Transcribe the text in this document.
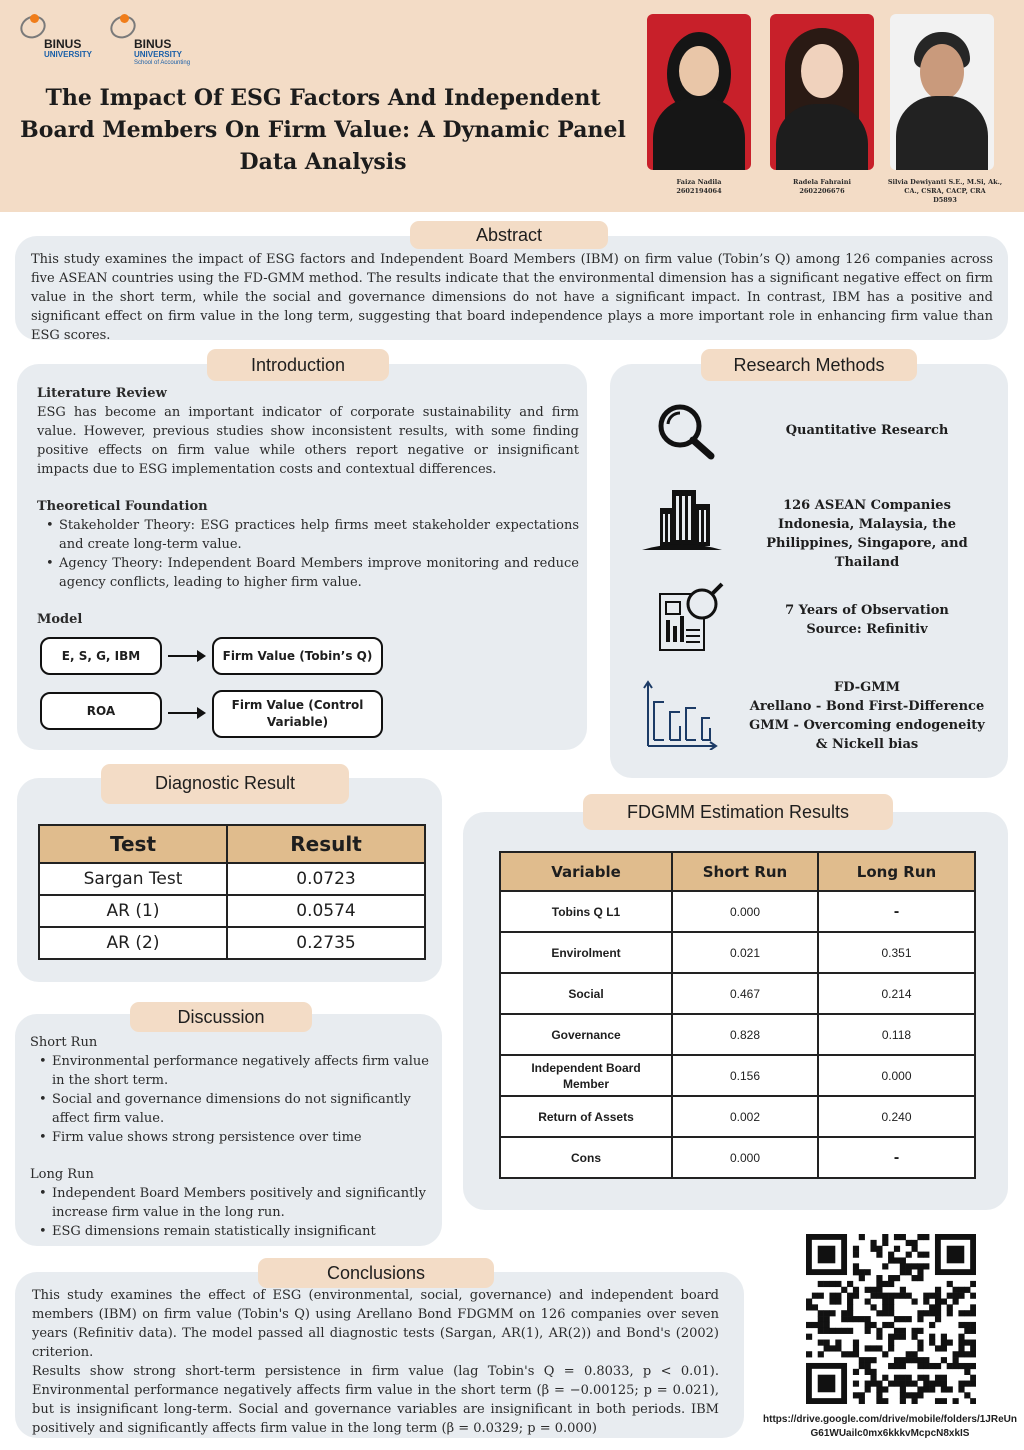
BINUS
UNIVERSITY
BINUS
UNIVERSITY
School of Accounting
The Impact Of ESG Factors And Independent Board Members On Firm Value: A Dynamic Panel Data Analysis
Faiza Nadila
2602194064
Radela Fahraini
2602206676
Silvia Dewiyanti S.E., M.Si, Ak., CA., CSRA, CACP, CRA
D5893
Abstract
This study examines the impact of ESG factors and Independent Board Members (IBM) on firm value (Tobin’s Q) among 126 companies across five ASEAN countries using the FD-GMM method. The results indicate that the environmental dimension has a significant negative effect on firm value in the short term, while the social and governance dimensions do not have a significant impact. In contrast, IBM has a positive and significant effect on firm value in the long term, suggesting that board independence plays a more important role in enhancing firm value than ESG scores.
Introduction
Literature Review
ESG has become an important indicator of corporate sustainability and firm value. However, previous studies show inconsistent results, with some finding positive effects on firm value while others report negative or insignificant impacts due to ESG implementation costs and contextual differences.
Theoretical Foundation
• Stakeholder Theory: ESG practices help firms meet stakeholder expectations and create long-term value.
• Agency Theory: Independent Board Members improve monitoring and reduce agency conflicts, leading to higher firm value.
Model
E, S, G, IBM	Firm Value (Tobin’s Q)
ROA	Firm Value (Control Variable)
Research Methods
Quantitative Research
126 ASEAN Companies
Indonesia, Malaysia, the Philippines, Singapore, and Thailand
7 Years of Observation
Source: Refinitiv
FD-GMM
Arellano - Bond First-Difference GMM - Overcoming endogeneity & Nickell bias
Diagnostic Result
Test	Result
Sargan Test	0.0723
AR (1)	0.0574
AR (2)	0.2735
FDGMM Estimation Results
Variable	Short Run	Long Run
Tobins Q L1	0.000	-
Envirolment	0.021	0.351
Social	0.467	0.214
Governance	0.828	0.118
Independent Board Member	0.156	0.000
Return of Assets	0.002	0.240
Cons	0.000	-
Discussion
Short Run
• Environmental performance negatively affects firm value in the short term.
• Social and governance dimensions do not significantly affect firm value.
• Firm value shows strong persistence over time
Long Run
• Independent Board Members positively and significantly increase firm value in the long run.
• ESG dimensions remain statistically insignificant
Conclusions
This study examines the effect of ESG (environmental, social, governance) and independent board members (IBM) on firm value (Tobin's Q) using Arellano Bond FDGMM on 126 companies over seven years (Refinitiv data). The model passed all diagnostic tests (Sargan, AR(1), AR(2)) and Bond's (2002) criterion.
Results show strong short-term persistence in firm value (lag Tobin's Q = 0.8033, p < 0.01). Environmental performance negatively affects firm value in the short term (β = −0.00125; p = 0.021), but is insignificant long-term. Social and governance variables are insignificant in both periods. IBM positively and significantly affects firm value in the long term (β = 0.0329; p = 0.000)
https://drive.google.com/drive/mobile/folders/1JReUnG61WUailc0mx6kkkvMcpcN8xkIS
